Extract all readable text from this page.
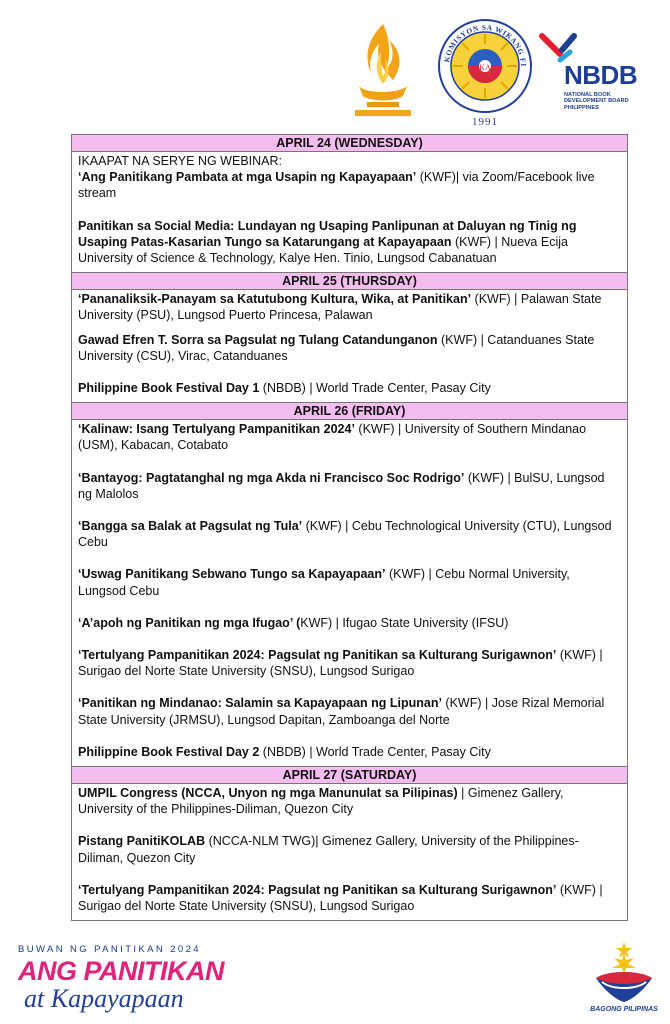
KA
KOMISYON SA WIKANG FI
1991
NBDB
NATIONAL BOOK
DEVELOPMENT BOARD
PHILIPPINES
APRIL 24 (WEDNESDAY)
IKAAPAT NA SERYE NG WEBINAR:

‘Ang Panitikang Pambata at mga Usapin ng Kapayapaan’ (KWF)| via Zoom/Facebook live stream

Panitikan sa Social Media: Lundayan ng Usaping Panlipunan at Daluyan ng Tinig ng Usaping Patas-Kasarian Tungo sa Katarungang at Kapayapaan (KWF) | Nueva Ecija University of Science & Technology, Kalye Hen. Tinio, Lungsod Cabanatuan

APRIL 25 (THURSDAY)

‘Pananaliksik-Panayam sa Katutubong Kultura, Wika, at Panitikan’ (KWF) | Palawan State University (PSU), Lungsod Puerto Princesa, Palawan

Gawad Efren T. Sorra sa Pagsulat ng Tulang Catandunganon (KWF) | Catanduanes State University (CSU), Virac, Catanduanes

Philippine Book Festival Day 1 (NBDB) | World Trade Center, Pasay City

APRIL 26 (FRIDAY)

‘Kalinaw: Isang Tertulyang Pampanitikan 2024’ (KWF) | University of Southern Mindanao (USM), Kabacan, Cotabato

‘Bantayog: Pagtatanghal ng mga Akda ni Francisco Soc Rodrigo’ (KWF) | BulSU, Lungsod ng Malolos

‘Bangga sa Balak at Pagsulat ng Tula’ (KWF) | Cebu Technological University (CTU), Lungsod Cebu

‘Uswag Panitikang Sebwano Tungo sa Kapayapaan’ (KWF) | Cebu Normal University, Lungsod Cebu

‘A’apoh ng Panitikan ng mga Ifugao’ (KWF) | Ifugao State University (IFSU)

‘Tertulyang Pampanitikan 2024: Pagsulat ng Panitikan sa Kulturang Surigawnon’ (KWF) | Surigao del Norte State University (SNSU), Lungsod Surigao

‘Panitikan ng Mindanao: Salamin sa Kapayapaan ng Lipunan’ (KWF) | Jose Rizal Memorial State University (JRMSU), Lungsod Dapitan, Zamboanga del Norte

Philippine Book Festival Day 2 (NBDB) | World Trade Center, Pasay City

APRIL 27 (SATURDAY)

UMPIL Congress (NCCA, Unyon ng mga Manunulat sa Pilipinas) | Gimenez Gallery, University of the Philippines-Diliman, Quezon City

Pistang PanitiKOLAB (NCCA-NLM TWG)| Gimenez Gallery, University of the Philippines-Diliman, Quezon City

‘Tertulyang Pampanitikan 2024: Pagsulat ng Panitikan sa Kulturang Surigawnon’ (KWF) | Surigao del Norte State University (SNSU), Lungsod Surigao

BUWAN NG PANITIKAN 2024
ANG PANITIKAN
at Kapayapaan	BAGONG PILIPINAS
